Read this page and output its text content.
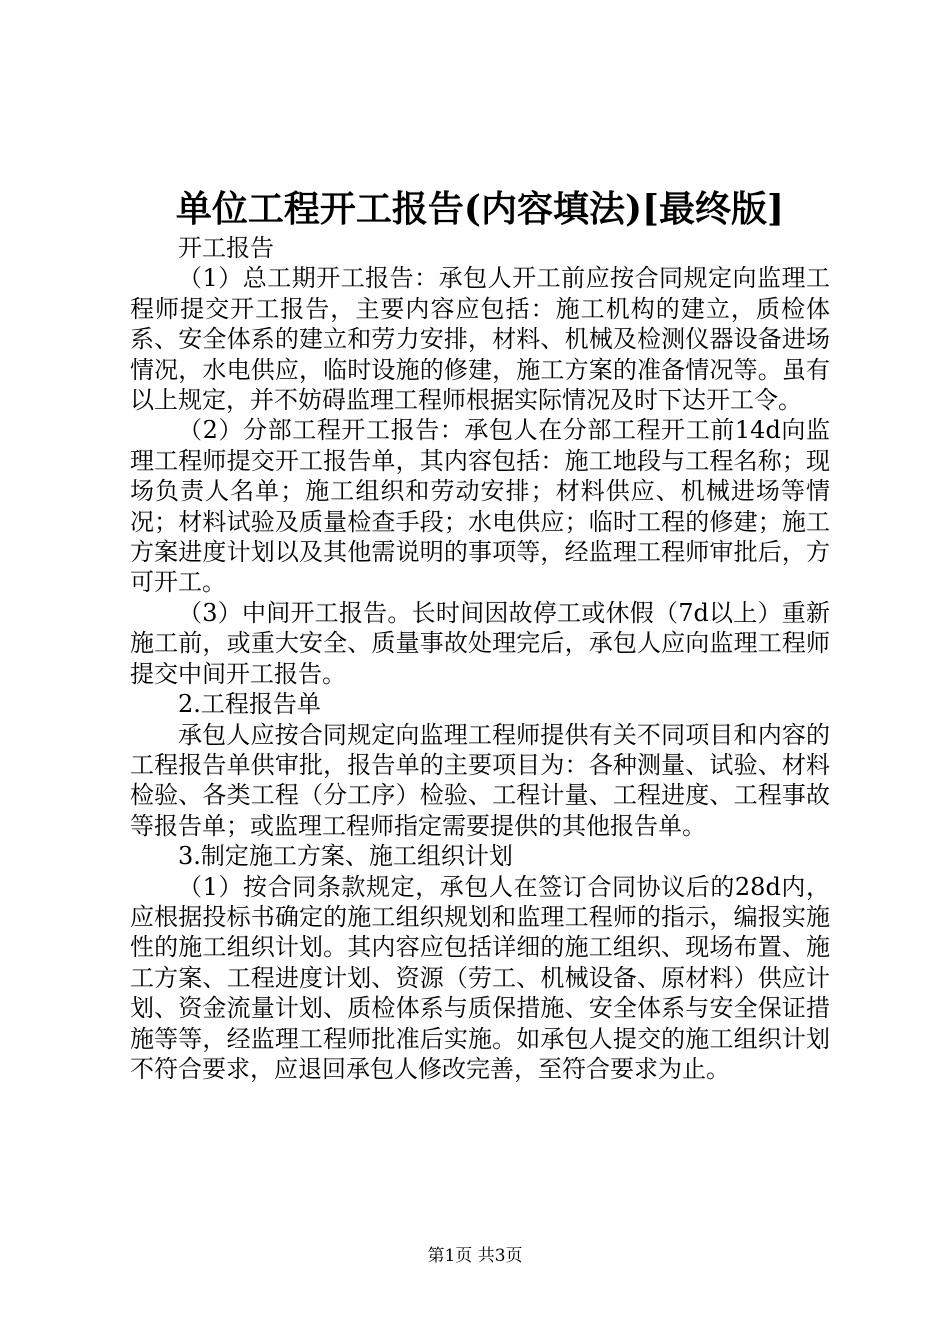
单位工程开工报告(内容填法)[最终版]

开工报告

（1）总工期开工报告：承包人开工前应按合同规定向监理工程师提交开工报告，主要内容应包括：施工机构的建立，质检体系、安全体系的建立和劳力安排，材料、机械及检测仪器设备进场情况，水电供应，临时设施的修建，施工方案的准备情况等。虽有以上规定，并不妨碍监理工程师根据实际情况及时下达开工令。

（2）分部工程开工报告：承包人在分部工程开工前14d向监理工程师提交开工报告单，其内容包括：施工地段与工程名称；现场负责人名单；施工组织和劳动安排；材料供应、机械进场等情况；材料试验及质量检查手段；水电供应；临时工程的修建；施工方案进度计划以及其他需说明的事项等，经监理工程师审批后，方可开工。

（3）中间开工报告。长时间因故停工或休假（7d以上）重新施工前，或重大安全、质量事故处理完后，承包人应向监理工程师提交中间开工报告。

2.工程报告单

承包人应按合同规定向监理工程师提供有关不同项目和内容的工程报告单供审批，报告单的主要项目为：各种测量、试验、材料检验、各类工程（分工序）检验、工程计量、工程进度、工程事故等报告单；或监理工程师指定需要提供的其他报告单。

3.制定施工方案、施工组织计划

（1）按合同条款规定，承包人在签订合同协议后的28d内，应根据投标书确定的施工组织规划和监理工程师的指示，编报实施性的施工组织计划。其内容应包括详细的施工组织、现场布置、施工方案、工程进度计划、资源（劳工、机械设备、原材料）供应计划、资金流量计划、质检体系与质保措施、安全体系与安全保证措施等等，经监理工程师批准后实施。如承包人提交的施工组织计划不符合要求，应退回承包人修改完善，至符合要求为止。

第1页 共3页
